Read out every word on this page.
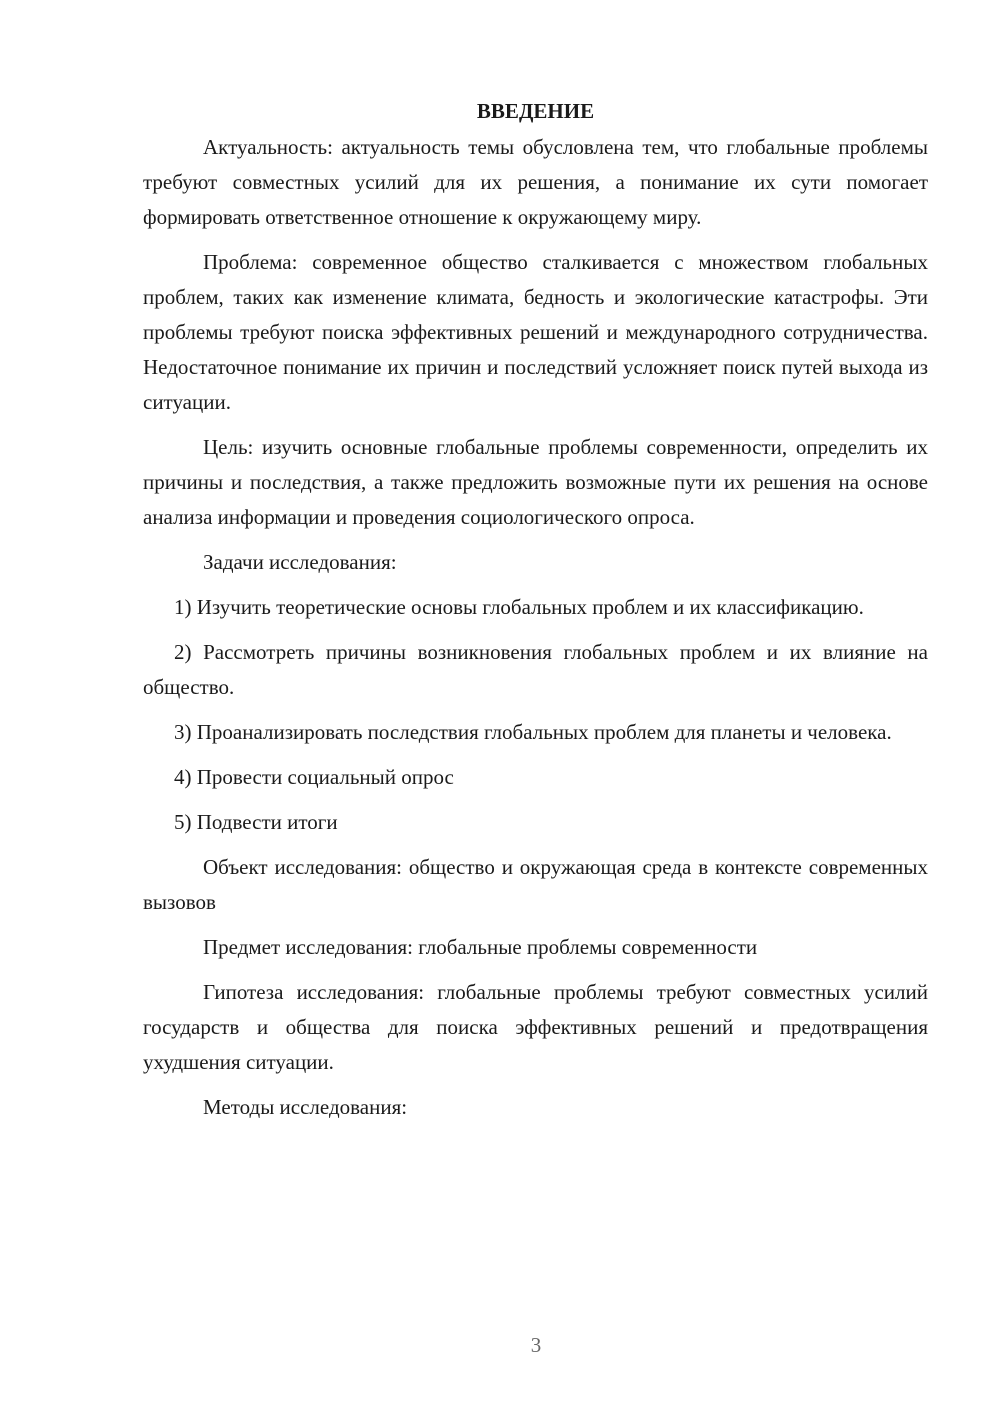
ВВЕДЕНИЕ

Актуальность: актуальность темы обусловлена тем, что глобальные проблемы требуют совместных усилий для их решения, а понимание их сути помогает формировать ответственное отношение к окружающему миру.

Проблема: современное общество сталкивается с множеством глобальных проблем, таких как изменение климата, бедность и экологические катастрофы. Эти проблемы требуют поиска эффективных решений и международного сотрудничества. Недостаточное понимание их причин и последствий усложняет поиск путей выхода из ситуации.

Цель: изучить основные глобальные проблемы современности, определить их причины и последствия, а также предложить возможные пути их решения на основе анализа информации и проведения социологического опроса.

Задачи исследования:

1) Изучить теоретические основы глобальных проблем и их классификацию.

2) Рассмотреть причины возникновения глобальных проблем и их влияние на общество.

3) Проанализировать последствия глобальных проблем для планеты и человека.

4) Провести социальный опрос

5) Подвести итоги

Объект исследования: общество и окружающая среда в контексте современных вызовов

Предмет исследования: глобальные проблемы современности

Гипотеза исследования: глобальные проблемы требуют совместных усилий государств и общества для поиска эффективных решений и предотвращения ухудшения ситуации.

Методы исследования:

3
